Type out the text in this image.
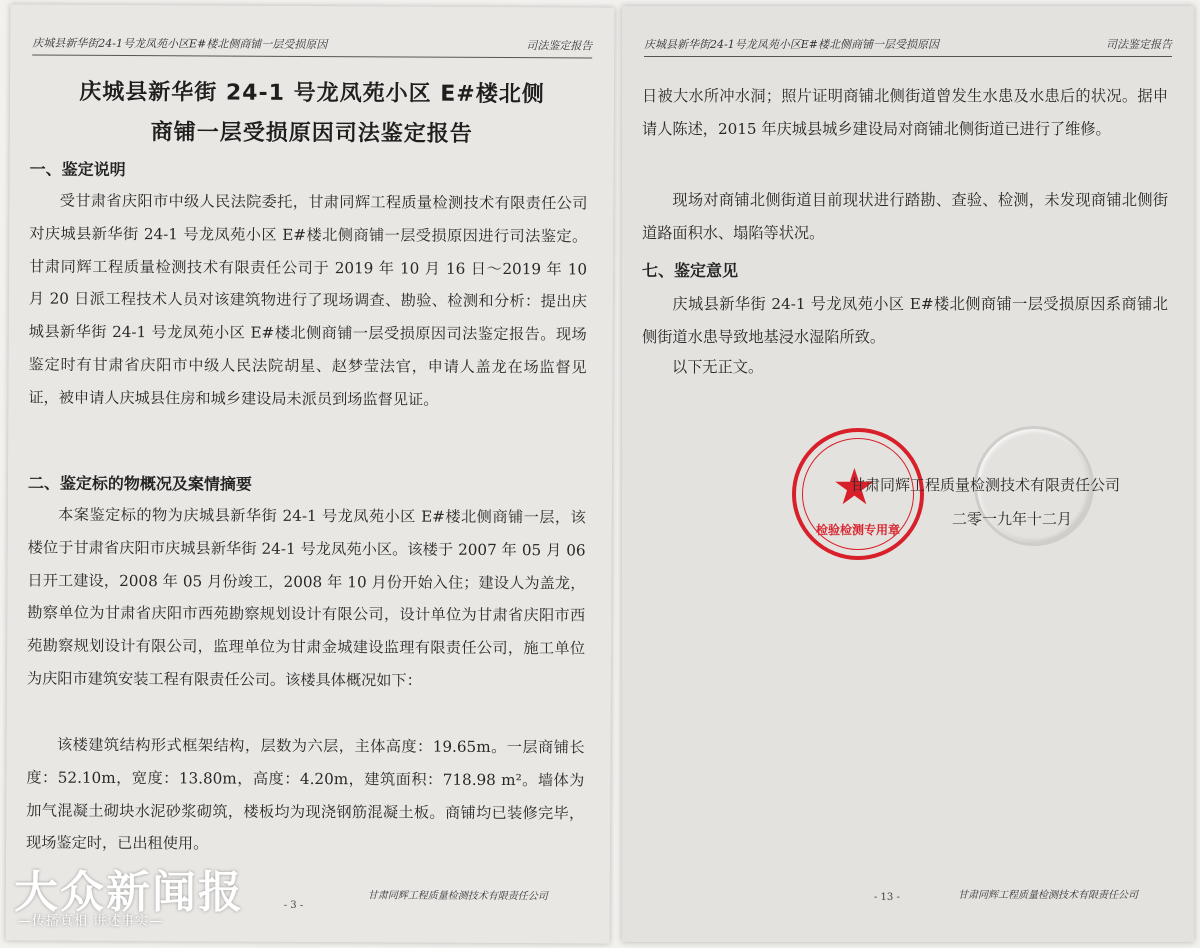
庆城县新华街24-1号龙凤苑小区E#楼北侧商铺一层受损原因	司法鉴定报告
庆城县新华街 24-1 号龙凤苑小区 E#楼北侧
商铺一层受损原因司法鉴定报告
一、鉴定说明
受甘肃省庆阳市中级人民法院委托，甘肃同辉工程质量检测技术有限责任公司对庆城县新华街 24-1 号龙凤苑小区 E#楼北侧商铺一层受损原因进行司法鉴定。甘肃同辉工程质量检测技术有限责任公司于 2019 年 10 月 16 日～2019 年 10 月 20 日派工程技术人员对该建筑物进行了现场调查、勘验、检测和分析：提出庆城县新华街 24-1 号龙凤苑小区 E#楼北侧商铺一层受损原因司法鉴定报告。现场鉴定时有甘肃省庆阳市中级人民法院胡星、赵梦莹法官，申请人盖龙在场监督见证，被申请人庆城县住房和城乡建设局未派员到场监督见证。
二、鉴定标的物概况及案情摘要
本案鉴定标的物为庆城县新华街 24-1 号龙凤苑小区 E#楼北侧商铺一层，该楼位于甘肃省庆阳市庆城县新华街 24-1 号龙凤苑小区。该楼于 2007 年 05 月 06 日开工建设，2008 年 05 月份竣工，2008 年 10 月份开始入住；建设人为盖龙，勘察单位为甘肃省庆阳市西苑勘察规划设计有限公司，设计单位为甘肃省庆阳市西苑勘察规划设计有限公司，监理单位为甘肃金城建设监理有限责任公司，施工单位为庆阳市建筑安装工程有限责任公司。该楼具体概况如下：
该楼建筑结构形式框架结构，层数为六层，主体高度：19.65m。一层商铺长度：52.10m，宽度：13.80m，高度：4.20m，建筑面积：718.98 m²。墙体为加气混凝土砌块水泥砂浆砌筑，楼板均为现浇钢筋混凝土板。商铺均已装修完毕，现场鉴定时，已出租使用。
- 3 -
甘肃同辉工程质量检测技术有限责任公司
庆城县新华街24-1号龙凤苑小区E#楼北侧商铺一层受损原因	司法鉴定报告
日被大水所冲水洞；照片证明商铺北侧街道曾发生水患及水患后的状况。据申请人陈述，2015 年庆城县城乡建设局对商铺北侧街道已进行了维修。
现场对商铺北侧街道目前现状进行踏勘、查验、检测，未发现商铺北侧街道路面积水、塌陷等状况。
七、鉴定意见
庆城县新华街 24-1 号龙凤苑小区 E#楼北侧商铺一层受损原因系商铺北侧街道水患导致地基浸水湿陷所致。
以下无正文。
★
检验检测专用章
甘肃同辉工程质量检测技术有限责任公司
二零一九年十二月
- 13 -	甘肃同辉工程质量检测技术有限责任公司
大众新闻报
—传播真相 讲述事实—
